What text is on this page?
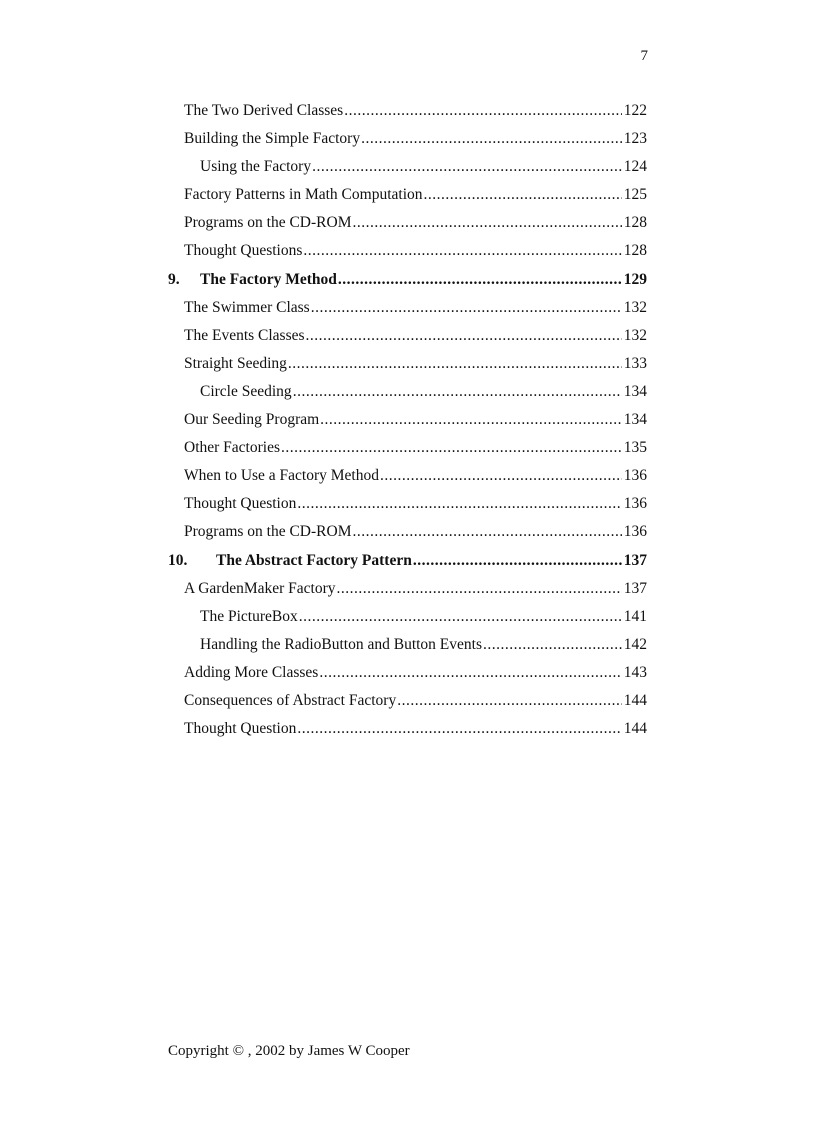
7
The Two Derived Classes .....	122
Building the Simple Factory .....	123
Using the Factory .....	124
Factory Patterns in Math Computation .....	125
Programs on the CD-ROM .....	128
Thought Questions .....	128
9.	The Factory Method .....	129
The Swimmer Class .....	132
The Events Classes .....	132
Straight Seeding .....	133
Circle Seeding .....	134
Our Seeding Program .....	134
Other Factories .....	135
When to Use a Factory Method .....	136
Thought Question .....	136
Programs on the CD-ROM .....	136
10.	The Abstract Factory Pattern .....	137
A GardenMaker Factory .....	137
The PictureBox .....	141
Handling the RadioButton and Button Events .....	142
Adding More Classes .....	143
Consequences of Abstract Factory .....	144
Thought Question .....	144
Copyright © , 2002 by James W Cooper
